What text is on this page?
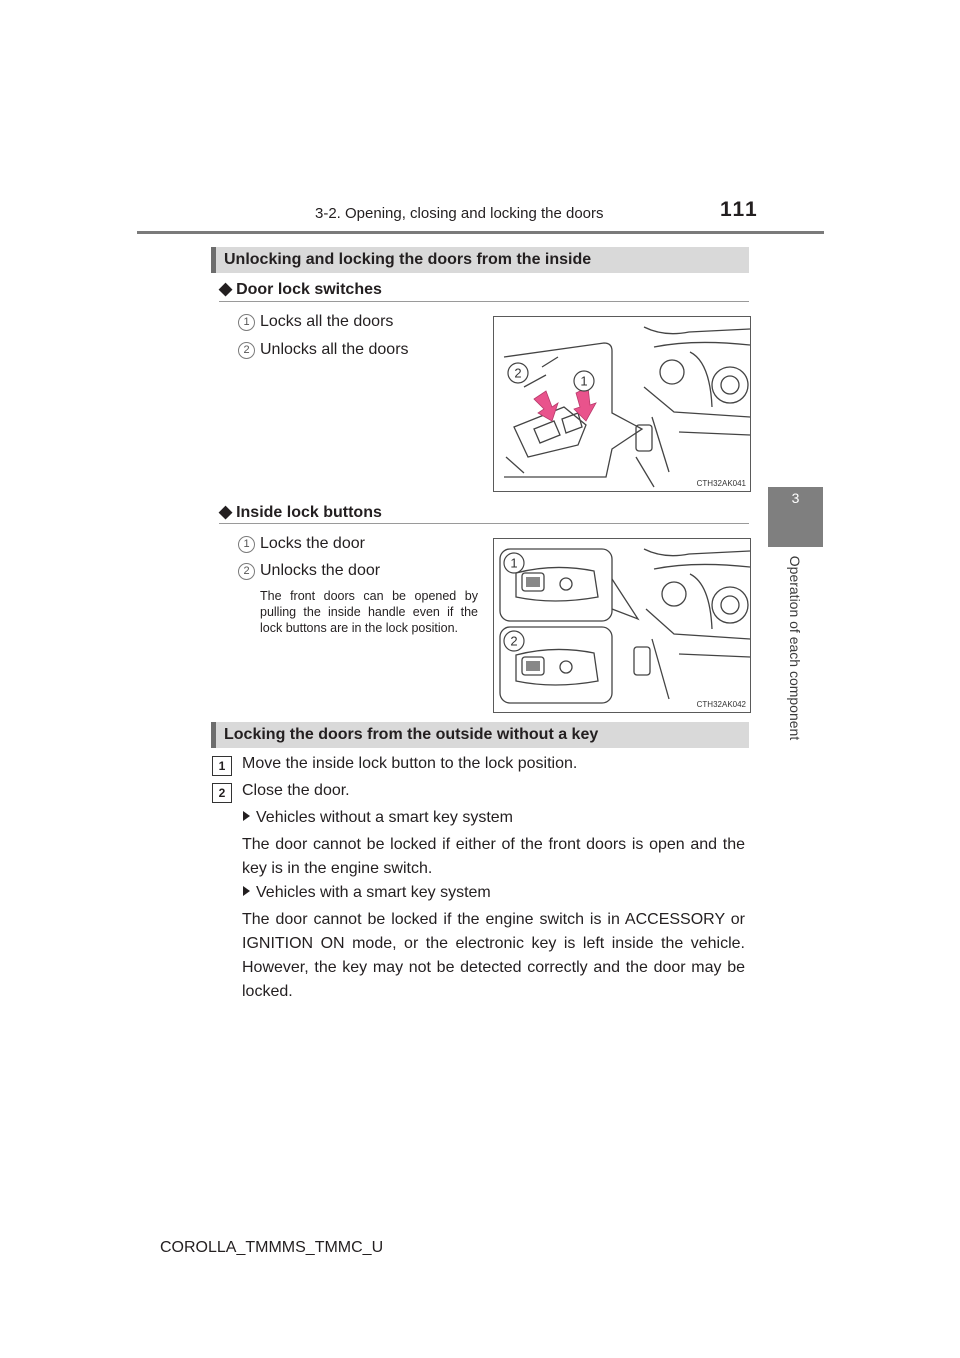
3-2. Opening, closing and locking the doors	111
3
Operation of each component
Unlocking and locking the doors from the inside
◆ Door lock switches
1 Locks all the doors
2 Unlocks all the doors
2
1
CTH32AK041
◆ Inside lock buttons
1 Locks the door
2 Unlocks the door
The front doors can be opened by pulling the inside handle even if the lock buttons are in the lock position.
1
2
CTH32AK042
Locking the doors from the outside without a key
1	Move the inside lock button to the lock position.
2	Close the door.
Vehicles without a smart key system
The door cannot be locked if either of the front doors is open and the key is in the engine switch.
Vehicles with a smart key system
The door cannot be locked if the engine switch is in ACCESSORY or IGNITION ON mode, or the electronic key is left inside the vehicle. However, the key may not be detected correctly and the door may be locked.
COROLLA_TMMMS_TMMC_U
